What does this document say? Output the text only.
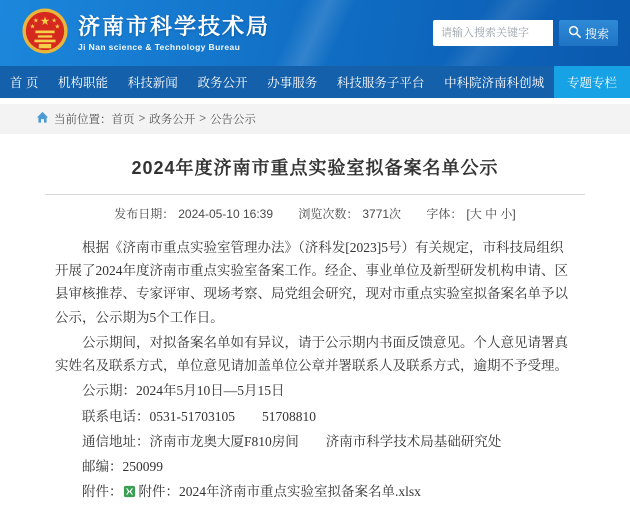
★
★ ★
★	★ 济南市科学技术局
Ji Nan science & Technology Bureau
请输入搜索关键字
搜索
首 页	机构职能	科技新闻	政务公开	办事服务	科技服务子平台	中科院济南科创城	专题专栏
当前位置： 首页 > 政务公开 > 公告公示
2024年度济南市重点实验室拟备案名单公示
发布日期： 2024-05-10 16:39 浏览次数： 3771次 字体： [大 中 小]

根据《济南市重点实验室管理办法》（济科发[2023]5号）有关规定，市科技局组织开展了2024年度济南市重点实验室备案工作。经企、事业单位及新型研发机构申请、区县审核推荐、专家评审、现场考察、局党组会研究，现对市重点实验室拟备案名单予以公示，公示期为5个工作日。

公示期间，对拟备案名单如有异议，请于公示期内书面反馈意见。个人意见请署真实姓名及联系方式，单位意见请加盖单位公章并署联系人及联系方式，逾期不予受理。

公示期：2024年5月10日—5月15日

联系电话：0531-51703105　　51708810

通信地址：济南市龙奥大厦F810房间　　济南市科学技术局基础研究处

邮编：250099

附件： 附件：2024年济南市重点实验室拟备案名单.xlsx
